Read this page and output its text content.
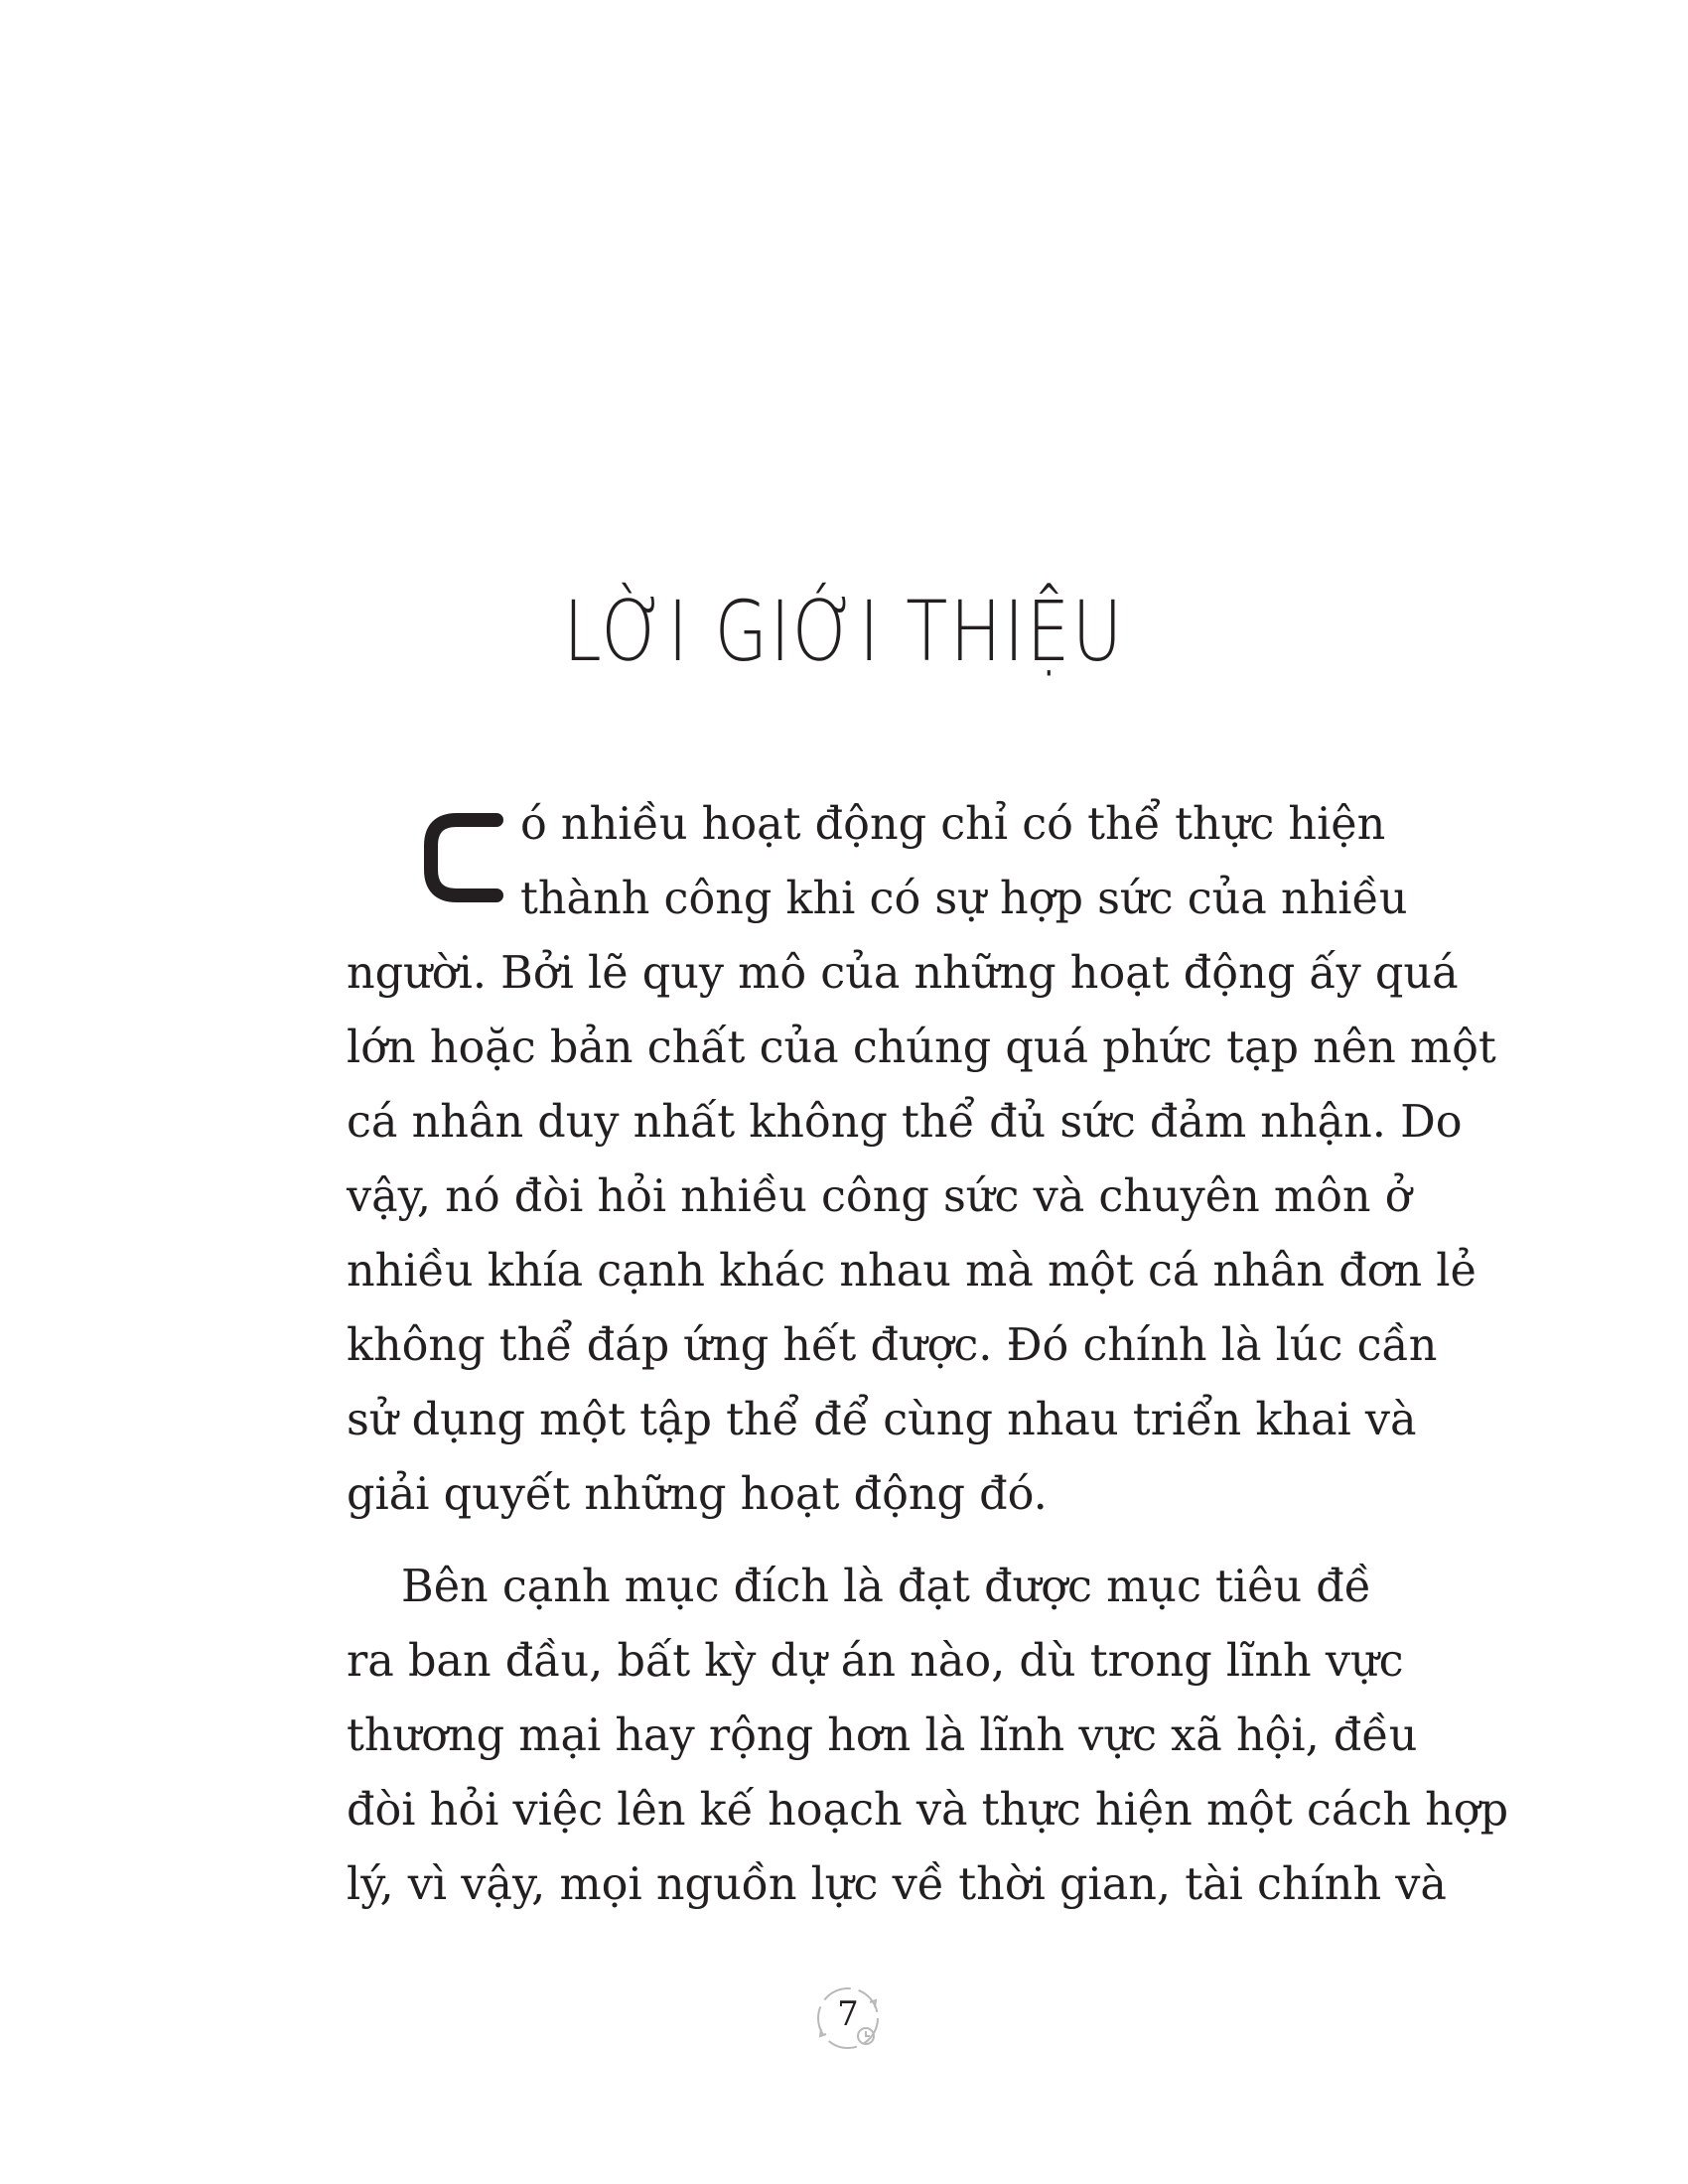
LỜI GIỚI THIỆU
ó nhiều hoạt động chỉ có thể thực hiện
thành công khi có sự hợp sức của nhiều
người. Bởi lẽ quy mô của những hoạt động ấy quá
lớn hoặc bản chất của chúng quá phức tạp nên một
cá nhân duy nhất không thể đủ sức đảm nhận. Do
vậy, nó đòi hỏi nhiều công sức và chuyên môn ở
nhiều khía cạnh khác nhau mà một cá nhân đơn lẻ
không thể đáp ứng hết được. Đó chính là lúc cần
sử dụng một tập thể để cùng nhau triển khai và
giải quyết những hoạt động đó.
Bên cạnh mục đích là đạt được mục tiêu đề
ra ban đầu, bất kỳ dự án nào, dù trong lĩnh vực
thương mại hay rộng hơn là lĩnh vực xã hội, đều
đòi hỏi việc lên kế hoạch và thực hiện một cách hợp
lý, vì vậy, mọi nguồn lực về thời gian, tài chính và
7
